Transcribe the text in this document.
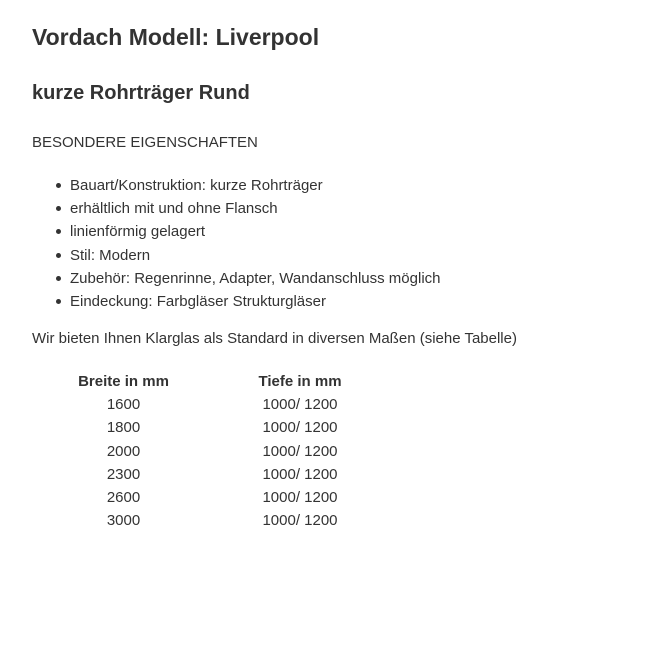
Vordach Modell: Liverpool
kurze Rohrträger Rund

BESONDERE EIGENSCHAFTEN

Bauart/Konstruktion: kurze Rohrträger
erhältlich mit und ohne Flansch
linienförmig gelagert
Stil: Modern
Zubehör: Regenrinne, Adapter, Wandanschluss möglich
Eindeckung: Farbgläser Strukturgläser

Wir bieten Ihnen Klarglas als Standard in diversen Maßen (siehe Tabelle)

Breite in mm	Tiefe in mm
1600	1000/ 1200
1800	1000/ 1200
2000	1000/ 1200
2300	1000/ 1200
2600	1000/ 1200
3000	1000/ 1200
